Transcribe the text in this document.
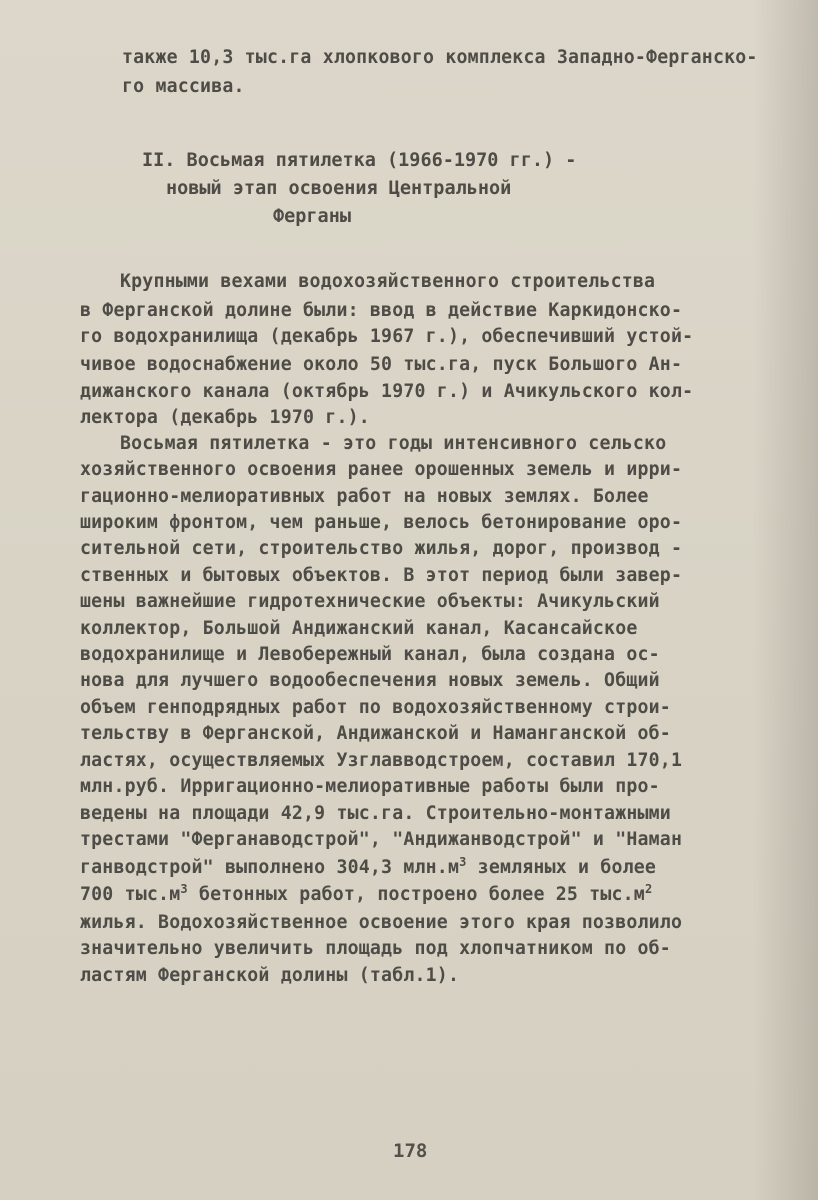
также 10,3 тыс.га хлопкового комплекса Западно-Ферганско-
го массива.
II. Восьмая пятилетка (1966-1970 гг.) -
новый этап освоения Центральной
Ферганы
Крупными вехами водохозяйственного строительства
в Ферганской долине были: ввод в действие Каркидонско-
го водохранилища (декабрь 1967 г.), обеспечивший устой-
чивое водоснабжение около 50 тыс.га, пуск Большого Ан-
дижанского канала (октябрь 1970 г.) и Ачикульского кол-
лектора (декабрь 1970 г.).
Восьмая пятилетка - это годы интенсивного сельско
хозяйственного освоения ранее орошенных земель и ирри-
гационно-мелиоративных работ на новых землях. Более
широким фронтом, чем раньше, велось бетонирование оро-
сительной сети, строительство жилья, дорог, производ -
ственных и бытовых объектов. В этот период были завер-
шены важнейшие гидротехнические объекты: Ачикульский
коллектор, Большой Андижанский канал, Касансайское
водохранилище и Левобережный канал, была создана ос-
нова для лучшего водообеспечения новых земель. Общий
объем генподрядных работ по водохозяйственному строи-
тельству в Ферганской, Андижанской и Наманганской об-
ластях, осуществляемых Узглавводстроем, составил 170,1
млн.руб. Ирригационно-мелиоративные работы были про-
ведены на площади 42,9 тыс.га. Строительно-монтажными
трестами "Ферганаводстрой", "Андижанводстрой" и "Наман
ганводстрой" выполнено 304,3 $млн.м^3$ земляных и более
700 $тыс.м^3$ бетонных работ, построено более 25 $тыс.м^2$
жилья. Водохозяйственное освоение этого края позволило
значительно увеличить площадь под хлопчатником по об-
ластям Ферганской долины (табл.1).
178
